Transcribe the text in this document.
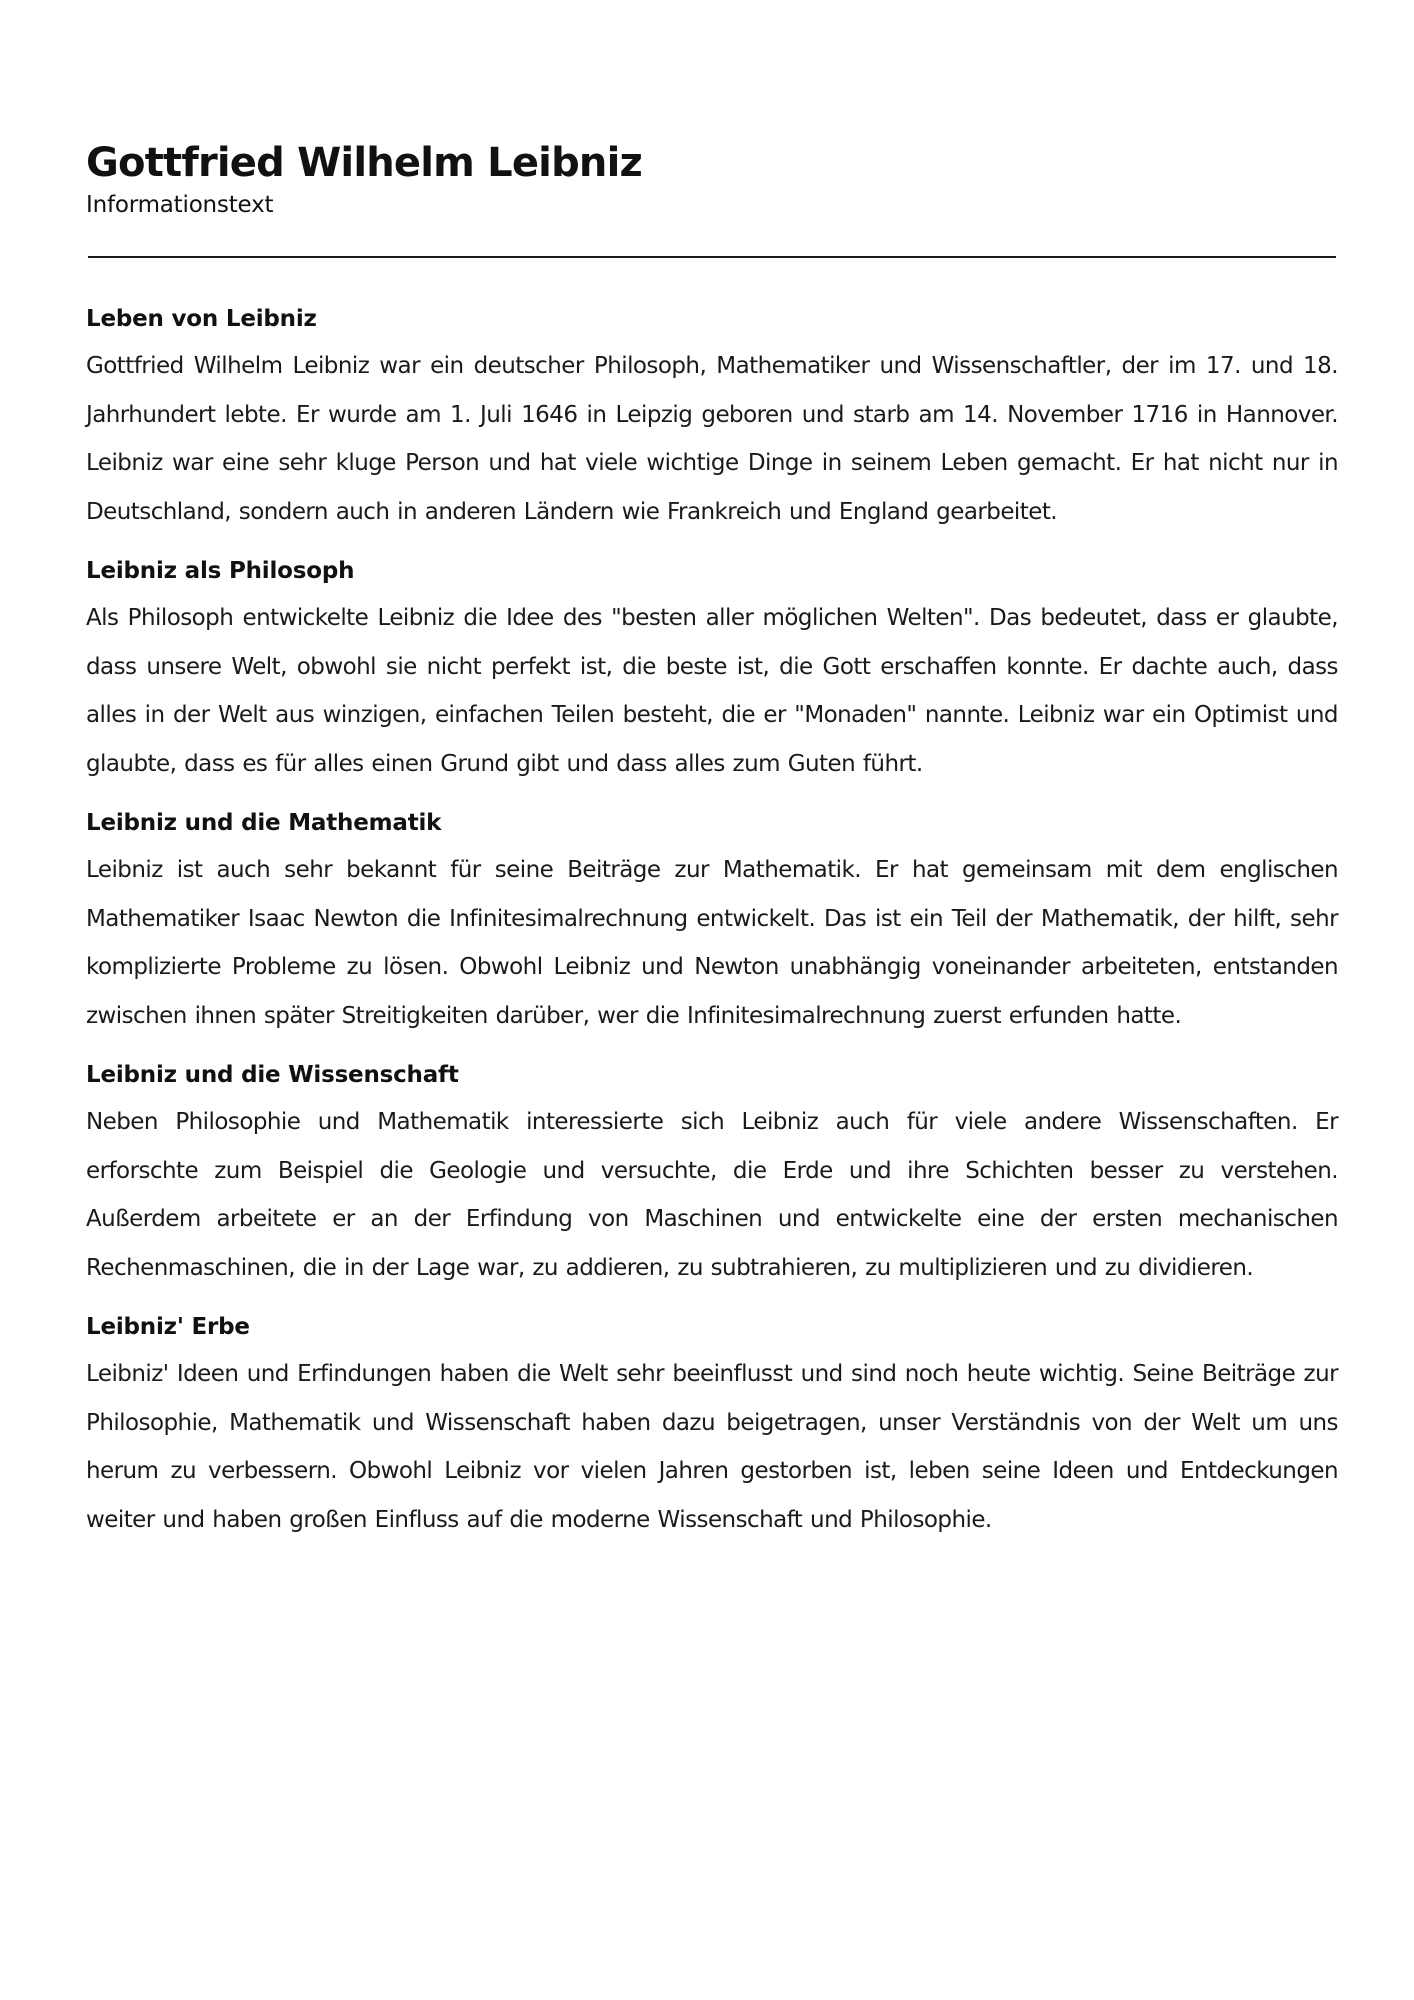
Gottfried Wilhelm Leibniz
Informationstext
Leben von Leibniz

Gottfried Wilhelm Leibniz war ein deutscher Philosoph, Mathematiker und Wissenschaftler, der im 17. und 18. Jahrhundert lebte. Er wurde am 1. Juli 1646 in Leipzig geboren und starb am 14. November 1716 in Hannover. Leibniz war eine sehr kluge Person und hat viele wichtige Dinge in seinem Leben gemacht. Er hat nicht nur in Deutschland, sondern auch in anderen Ländern wie Frankreich und England gearbeitet.

Leibniz als Philosoph

Als Philosoph entwickelte Leibniz die Idee des "besten aller möglichen Welten". Das bedeutet, dass er glaubte, dass unsere Welt, obwohl sie nicht perfekt ist, die beste ist, die Gott erschaffen konnte. Er dachte auch, dass alles in der Welt aus winzigen, einfachen Teilen besteht, die er "Monaden" nannte. Leibniz war ein Optimist und glaubte, dass es für alles einen Grund gibt und dass alles zum Guten führt.

Leibniz und die Mathematik

Leibniz ist auch sehr bekannt für seine Beiträge zur Mathematik. Er hat gemeinsam mit dem englischen Mathematiker Isaac Newton die Infinitesimalrechnung entwickelt. Das ist ein Teil der Mathematik, der hilft, sehr komplizierte Probleme zu lösen. Obwohl Leibniz und Newton unabhängig voneinander arbeiteten, entstanden zwischen ihnen später Streitigkeiten darüber, wer die Infinitesimalrechnung zuerst erfunden hatte.

Leibniz und die Wissenschaft

Neben Philosophie und Mathematik interessierte sich Leibniz auch für viele andere Wissenschaften. Er erforschte zum Beispiel die Geologie und versuchte, die Erde und ihre Schichten besser zu verstehen. Außerdem arbeitete er an der Erfindung von Maschinen und entwickelte eine der ersten mechanischen Rechenmaschinen, die in der Lage war, zu addieren, zu subtrahieren, zu multiplizieren und zu dividieren.

Leibniz' Erbe

Leibniz' Ideen und Erfindungen haben die Welt sehr beeinflusst und sind noch heute wichtig. Seine Beiträge zur Philosophie, Mathematik und Wissenschaft haben dazu beigetragen, unser Verständnis von der Welt um uns herum zu verbessern. Obwohl Leibniz vor vielen Jahren gestorben ist, leben seine Ideen und Entdeckungen weiter und haben großen Einfluss auf die moderne Wissenschaft und Philosophie.
